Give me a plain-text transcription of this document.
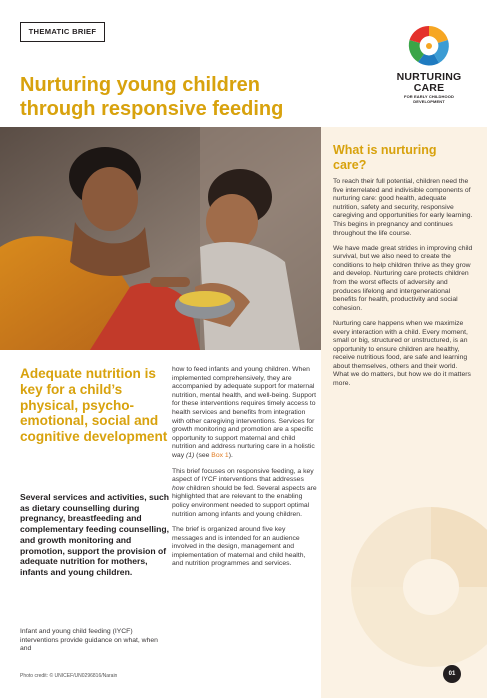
THEMATIC BRIEF
NURTURING CARE
FOR EARLY CHILDHOOD DEVELOPMENT
Nurturing young children through responsive feeding
What is nurturing care?

To reach their full potential, children need the five interrelated and indivisible components of nurturing care: good health, adequate nutrition, safety and security, responsive caregiving and opportunities for early learning. This begins in pregnancy and continues throughout the life course.

We have made great strides in improving child survival, but we also need to create the conditions to help children thrive as they grow and develop. Nurturing care protects children from the worst effects of adversity and produces lifelong and intergenerational benefits for health, productivity and social cohesion.

Nurturing care happens when we maximize every interaction with a child. Every moment, small or big, structured or unstructured, is an opportunity to ensure children are healthy, receive nutritious food, are safe and learning about themselves, others and their world. What we do matters, but how we do it matters more.

Adequate nutrition is key for a child’s physical, psycho-emotional, social and cognitive development

Several services and activities, such as dietary counselling during pregnancy, breastfeeding and complementary feeding counselling, and growth monitoring and promotion, support the provision of adequate nutrition for mothers, infants and young children.

Infant and young child feeding (IYCF) interventions provide guidance on what, when and

how to feed infants and young children. When implemented comprehensively, they are accompanied by adequate support for maternal nutrition, mental health, and well-being. Support for these interventions requires timely access to health services and benefits from integration with other caregiving interventions. Services for growth monitoring and promotion are a specific opportunity to support maternal and child nutrition and address nurturing care in a holistic way (1) (see Box 1).

This brief focuses on responsive feeding, a key aspect of IYCF interventions that addresses how children should be fed. Several aspects are highlighted that are relevant to the enabling policy environment needed to support optimal nutrition among infants and young children.

The brief is organized around five key messages and is intended for an audience involved in the design, management and implementation of maternal and child health, and nutrition programmes and services.

Photo credit: © UNICEF/UN0296816/Narain	01
